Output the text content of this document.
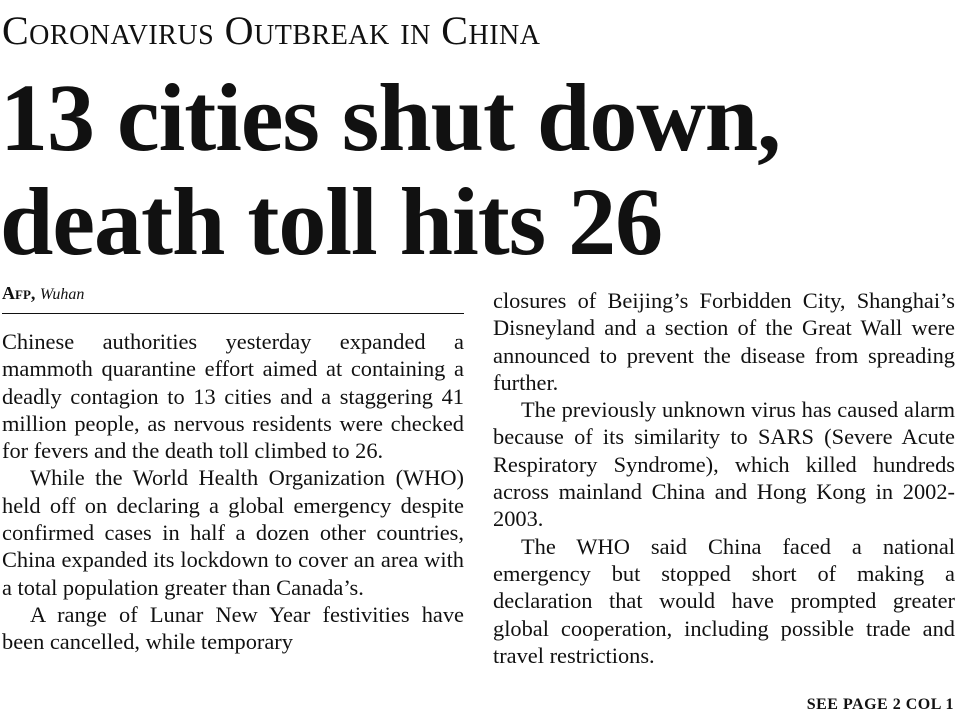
Coronavirus Outbreak in China
13 cities shut down,
death toll hits 26
Afp, Wuhan

Chinese authorities yesterday expanded a mammoth quarantine effort aimed at containing a deadly contagion to 13 cities and a staggering 41 million people, as nervous residents were checked for fevers and the death toll climbed to 26.

While the World Health Organization (WHO) held off on declaring a global emergency despite confirmed cases in half a dozen other countries, China expanded its lockdown to cover an area with a total population greater than Canada’s.

A range of Lunar New Year festivities have been cancelled, while temporary

closures of Beijing’s Forbidden City, Shanghai’s Disneyland and a section of the Great Wall were announced to prevent the disease from spreading further.

The previously unknown virus has caused alarm because of its similarity to SARS (Severe Acute Respiratory Syndrome), which killed hundreds across mainland China and Hong Kong in 2002-2003.

The WHO said China faced a national emergency but stopped short of making a declaration that would have prompted greater global cooperation, including possible trade and travel restrictions.

SEE PAGE 2 COL 1
